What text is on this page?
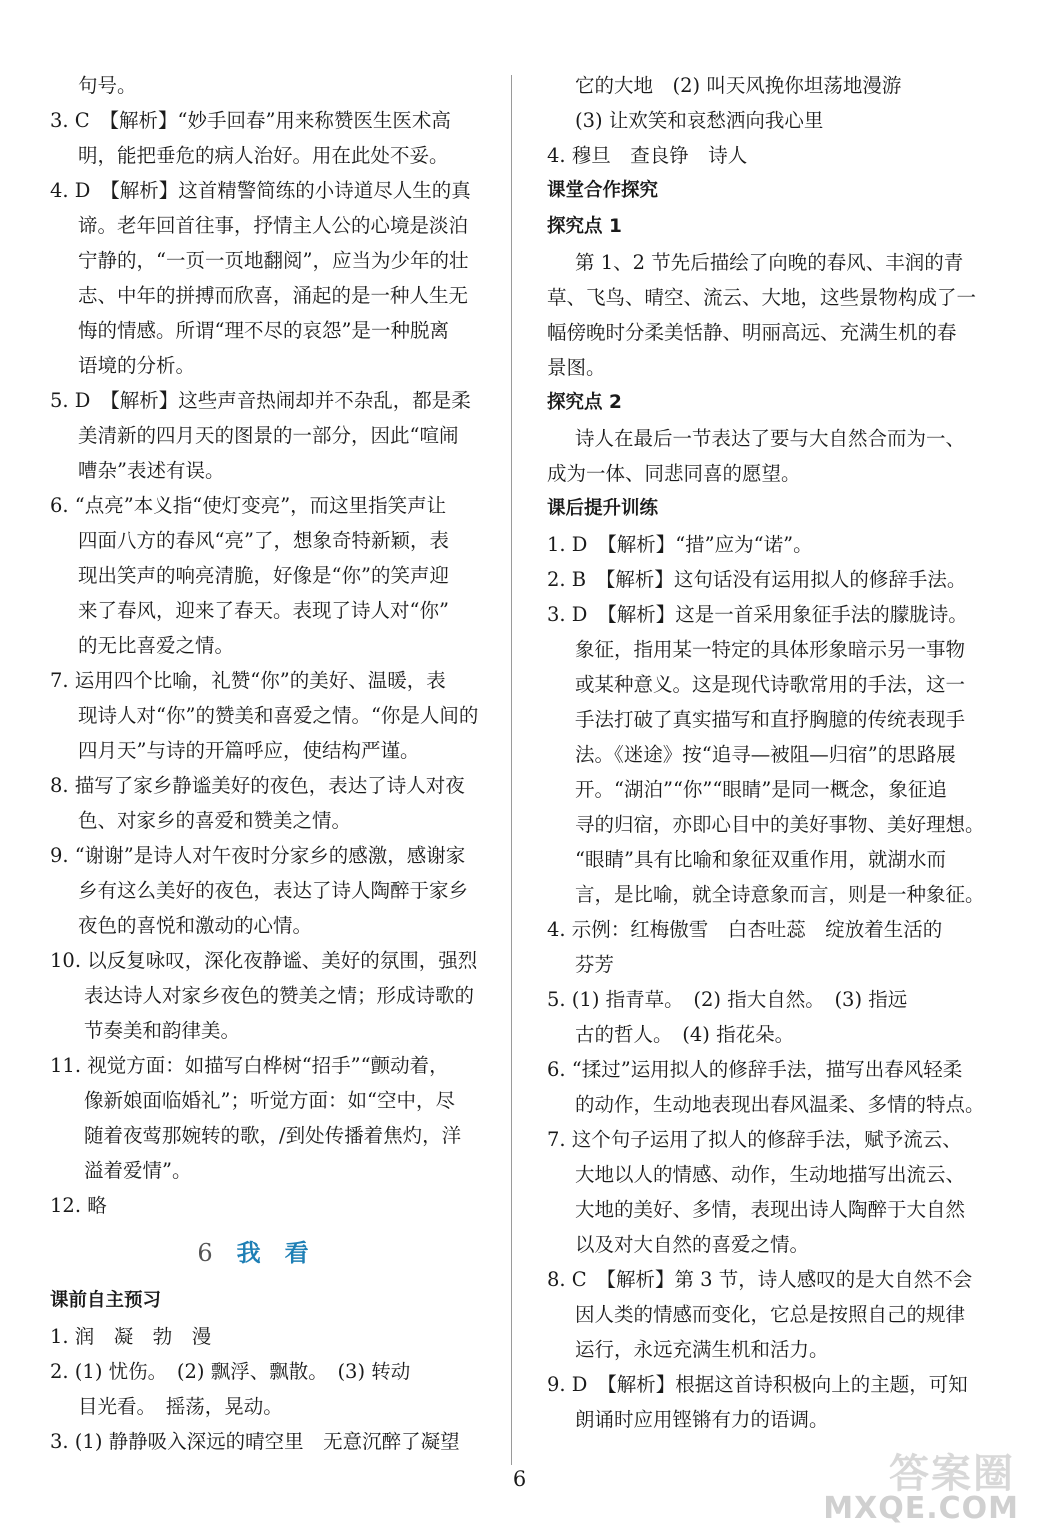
句号。
3. C　【解析】“妙手回春”用来称赞医生医术高
明，能把垂危的病人治好。用在此处不妥。
4. D　【解析】这首精警简练的小诗道尽人生的真
谛。老年回首往事，抒情主人公的心境是淡泊
宁静的，“一页一页地翻阅”，应当为少年的壮
志、中年的拼搏而欣喜，涌起的是一种人生无
悔的情感。所谓“理不尽的哀怨”是一种脱离
语境的分析。
5. D　【解析】这些声音热闹却并不杂乱，都是柔
美清新的四月天的图景的一部分，因此“喧闹
嘈杂”表述有误。
6. “点亮”本义指“使灯变亮”，而这里指笑声让
四面八方的春风“亮”了，想象奇特新颖，表
现出笑声的响亮清脆，好像是“你”的笑声迎
来了春风，迎来了春天。表现了诗人对“你”
的无比喜爱之情。
7. 运用四个比喻，礼赞“你”的美好、温暖，表
现诗人对“你”的赞美和喜爱之情。“你是人间的
四月天”与诗的开篇呼应，使结构严谨。
8. 描写了家乡静谧美好的夜色，表达了诗人对夜
色、对家乡的喜爱和赞美之情。
9. “谢谢”是诗人对午夜时分家乡的感激，感谢家
乡有这么美好的夜色，表达了诗人陶醉于家乡
夜色的喜悦和激动的心情。
10. 以反复咏叹，深化夜静谧、美好的氛围，强烈
表达诗人对家乡夜色的赞美之情；形成诗歌的
节奏美和韵律美。
11. 视觉方面：如描写白桦树“招手”“颤动着，
像新娘面临婚礼”；听觉方面：如“空中，尽
随着夜莺那婉转的歌，/到处传播着焦灼，洋
溢着爱情”。
12. 略
6 我看
课前自主预习
1. 润　凝　勃　漫
2. (1) 忧伤。　(2) 飘浮、飘散。　(3) 转动
目光看。　摇荡，晃动。
3. (1) 静静吸入深远的晴空里　无意沉醉了凝望
它的大地　(2) 叫天风挽你坦荡地漫游
(3) 让欢笑和哀愁洒向我心里
4. 穆旦　查良铮　诗人
课堂合作探究
探究点 1
第 1、2 节先后描绘了向晚的春风、丰润的青
草、飞鸟、晴空、流云、大地，这些景物构成了一
幅傍晚时分柔美恬静、明丽高远、充满生机的春
景图。
探究点 2
诗人在最后一节表达了要与大自然合而为一、
成为一体、同悲同喜的愿望。
课后提升训练
1. D　【解析】“措”应为“诺”。
2. B　【解析】这句话没有运用拟人的修辞手法。
3. D　【解析】这是一首采用象征手法的朦胧诗。
象征，指用某一特定的具体形象暗示另一事物
或某种意义。这是现代诗歌常用的手法，这一
手法打破了真实描写和直抒胸臆的传统表现手
法。《迷途》按“追寻—被阻—归宿”的思路展
开。“湖泊”“你”“眼睛”是同一概念，象征追
寻的归宿，亦即心目中的美好事物、美好理想。
“眼睛”具有比喻和象征双重作用，就湖水而
言，是比喻，就全诗意象而言，则是一种象征。
4. 示例：红梅傲雪　白杏吐蕊　绽放着生活的
芬芳
5. (1) 指青草。　(2) 指大自然。　(3) 指远
古的哲人。　(4) 指花朵。
6. “揉过”运用拟人的修辞手法，描写出春风轻柔
的动作，生动地表现出春风温柔、多情的特点。
7. 这个句子运用了拟人的修辞手法，赋予流云、
大地以人的情感、动作，生动地描写出流云、
大地的美好、多情，表现出诗人陶醉于大自然
以及对大自然的喜爱之情。
8. C　【解析】第 3 节，诗人感叹的是大自然不会
因人类的情感而变化，它总是按照自己的规律
运行，永远充满生机和活力。
9. D　【解析】根据这首诗积极向上的主题，可知
朗诵时应用铿锵有力的语调。
6	答案圈
MXQE.COM
